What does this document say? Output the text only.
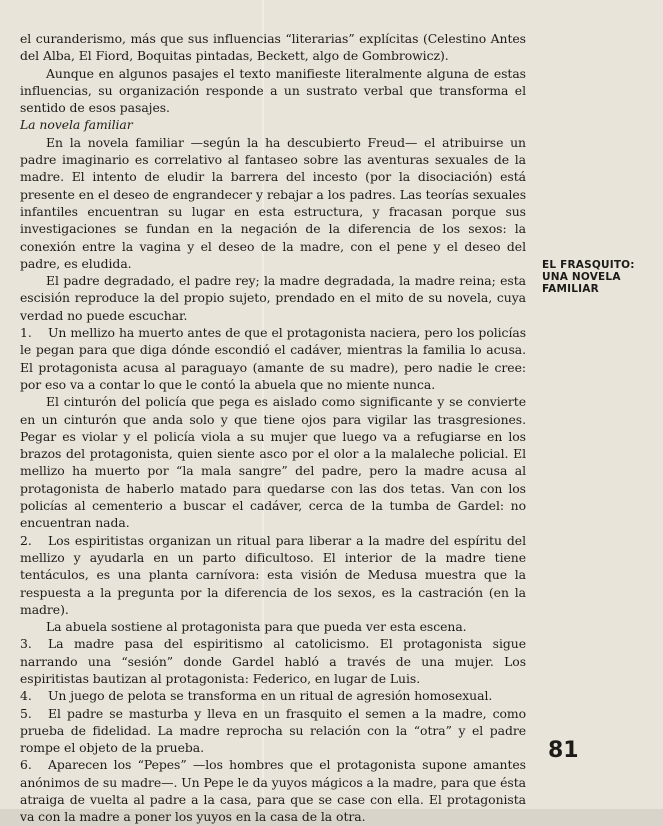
el curanderismo, más que sus influencias “literarias” explícitas (Celestino Antes del Alba, El Fiord, Boquitas pintadas, Beckett, algo de Gombrowicz).

Aunque en algunos pasajes el texto manifieste literalmente alguna de estas influencias, su organización responde a un sustrato verbal que transforma el sentido de esos pasajes.

La novela familiar

En la novela familiar —según la ha descubierto Freud— el atribuirse un padre imaginario es correlativo al fantaseo sobre las aventuras sexuales de la madre. El intento de eludir la barrera del incesto (por la disociación) está presente en el deseo de engrandecer y rebajar a los padres. Las teorías sexuales infantiles encuentran su lugar en esta estructura, y fracasan porque sus investigaciones se fundan en la negación de la diferencia de los sexos: la conexión entre la vagina y el deseo de la madre, con el pene y el deseo del padre, es eludida.

El padre degradado, el padre rey; la madre degradada, la madre reina; esta escisión reproduce la del propio sujeto, prendado en el mito de su novela, cuya verdad no puede escuchar.

1. Un mellizo ha muerto antes de que el protagonista naciera, pero los policías le pegan para que diga dónde escondió el cadáver, mientras la familia lo acusa. El protagonista acusa al paraguayo (amante de su madre), pero nadie le cree: por eso va a contar lo que le contó la abuela que no miente nunca.

El cinturón del policía que pega es aislado como significante y se convierte en un cinturón que anda solo y que tiene ojos para vigilar las trasgresiones. Pegar es violar y el policía viola a su mujer que luego va a refugiarse en los brazos del protagonista, quien siente asco por el olor a la malaleche policial. El mellizo ha muerto por “la mala sangre” del padre, pero la madre acusa al protagonista de haberlo matado para quedarse con las dos tetas. Van con los policías al cementerio a buscar el cadáver, cerca de la tumba de Gardel: no encuentran nada.

2. Los espiritistas organizan un ritual para liberar a la madre del espíritu del mellizo y ayudarla en un parto dificultoso. El interior de la madre tiene tentáculos, es una planta carnívora: esta visión de Medusa muestra que la respuesta a la pregunta por la diferencia de los sexos, es la castración (en la madre).

La abuela sostiene al protagonista para que pueda ver esta escena.

3. La madre pasa del espiritismo al catolicismo. El protagonista sigue narrando una “sesión” donde Gardel habló a través de una mujer. Los espiritistas bautizan al protagonista: Federico, en lugar de Luis.

4. Un juego de pelota se transforma en un ritual de agresión homosexual.

5. El padre se masturba y lleva en un frasquito el semen a la madre, como prueba de fidelidad. La madre reprocha su relación con la “otra” y el padre rompe el objeto de la prueba.

6. Aparecen los “Pepes” —los hombres que el protagonista supone amantes anónimos de su madre—. Un Pepe le da yuyos mágicos a la madre, para que ésta atraiga de vuelta al padre a la casa, para que se case con ella. El protagonista va con la madre a poner los yuyos en la casa de la otra.

EL FRASQUITO: UNA NOVELA FAMILIAR
81
